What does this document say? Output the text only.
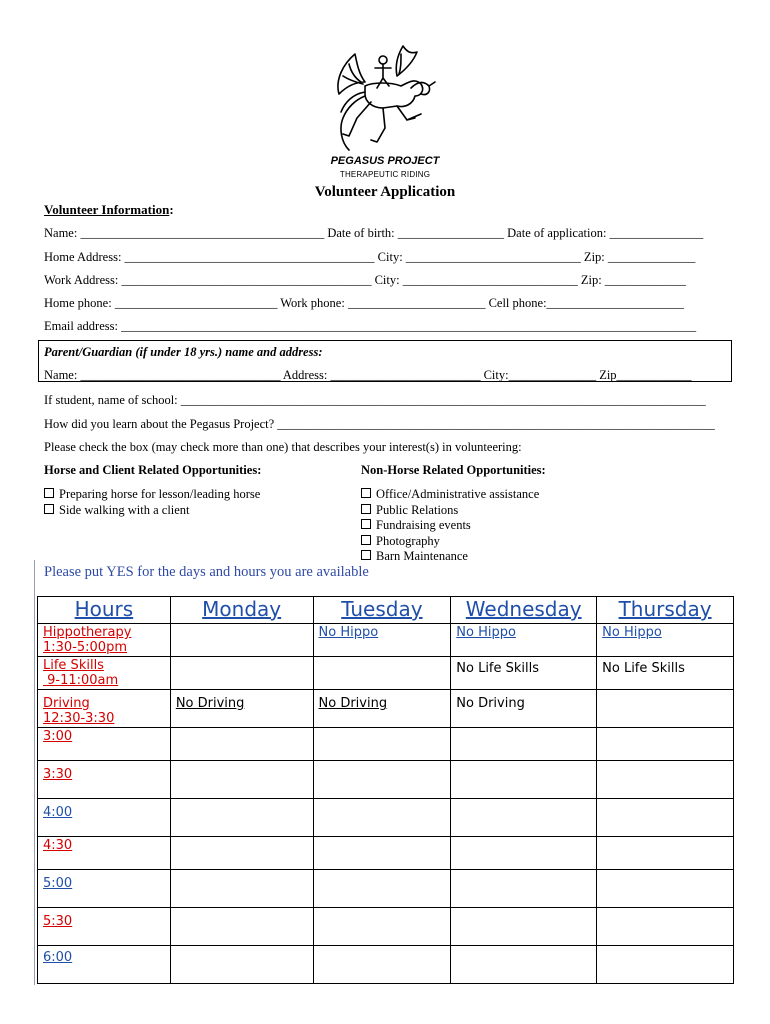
PEGASUS PROJECT
THERAPEUTIC RIDING
Volunteer Application
Volunteer Information:
Name: _______________________________________ Date of birth: _________________ Date of application: _______________
Home Address: ________________________________________ City: ____________________________ Zip: ______________
Work Address: ________________________________________ City: ____________________________ Zip: _____________
Home phone: __________________________ Work phone: ______________________ Cell phone:______________________
Email address: ____________________________________________________________________________________________
Parent/Guardian (if under 18 yrs.) name and address:
Name: ________________________________ Address: ________________________ City:______________ Zip____________
If student, name of school: ____________________________________________________________________________________
How did you learn about the Pegasus Project? ______________________________________________________________________
Please check the box (may check more than one) that describes your interest(s) in volunteering:
Horse and Client Related Opportunities:	Non-Horse Related Opportunities:
Preparing horse for lesson/leading horse
Side walking with a client
Office/Administrative assistance
Public Relations
Fundraising events
Photography
Barn Maintenance
Please put YES for the days and hours you are available
Hours	Monday	Tuesday	Wednesday	Thursday

Hippotherapy
1:30-5:00pm		No Hippo	No Hippo	No Hippo

Life Skills
9-11:00am			No Life Skills	No Life Skills

Driving
12:30-3:30	No Driving	No Driving	No Driving	
3:00				
3:30				
4:00				
4:30				
5:00				
5:30				
6:00				
